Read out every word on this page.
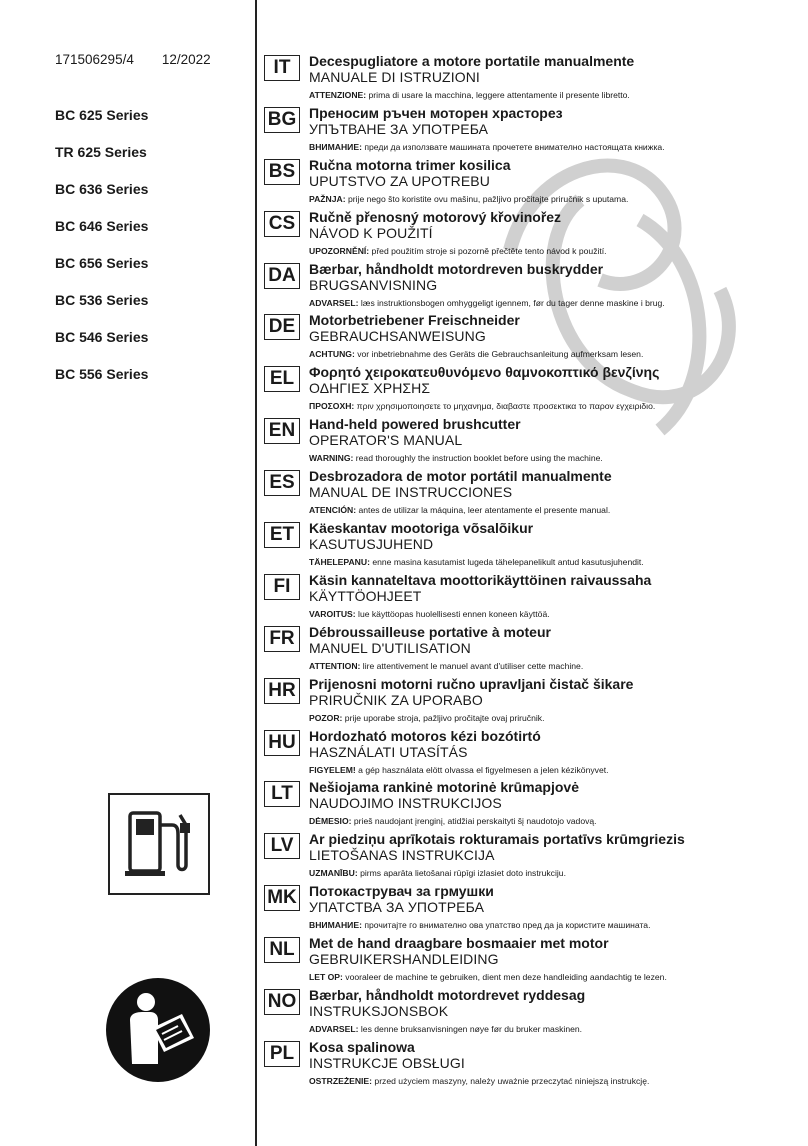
171506295/4 12/2022
BC 625 Series
TR 625 Series
BC 636 Series
BC 646 Series
BC 656 Series
BC 536 Series
BC 546 Series
BC 556 Series
IT	Decespugliatore a motore portatile manualmente
MANUALE DI ISTRUZIONI
ATTENZIONE: prima di usare la macchina, leggere attentamente il presente libretto.
BG Преносим ръчен моторен храсторез
УПЪТВАНЕ ЗА УПОТРЕБА
ВНИМАНИЕ: преди да използвате машината прочетете внимателно настоящата книжка.
BS Ručna motorna trimer kosilica
UPUTSTVO ZA UPOTREBU
PAŽNJA: prije nego što koristite ovu mašinu, pažljivo pročitajte priručnik s uputama.
CS Ručně přenosný motorový křovinořez
NÁVOD K POUŽITÍ
UPOZORNĚNÍ: před použitím stroje si pozorně přečtěte tento návod k použití.
DA Bærbar, håndholdt motordreven buskrydder
BRUGSANVISNING
ADVARSEL: læs instruktionsbogen omhyggeligt igennem, før du tager denne maskine i brug.
DE Motorbetriebener Freischneider
GEBRAUCHSANWEISUNG
ACHTUNG: vor inbetriebnahme des Geräts die Gebrauchsanleitung aufmerksam lesen.
EL	Φορητό χειροκατευθυνόμενο θαμνοκοπτικό βενζίνης
ΟΔΗΓΙΕΣ ΧΡΗΣΗΣ
ΠΡΟΣΟΧΗ: πριν χρησιμοποιησετε το μηχανημα, διαβαστε προσεκτικα το παρον εγχειριδιο.
EN Hand-held powered brushcutter
OPERATOR'S MANUAL
WARNING: read thoroughly the instruction booklet before using the machine.
ES	Desbrozadora de motor portátil manualmente
MANUAL DE INSTRUCCIONES
ATENCIÓN: antes de utilizar la máquina, leer atentamente el presente manual.
ET	Käeskantav mootoriga võsalõikur
KASUTUSJUHEND
TÄHELEPANU: enne masina kasutamist lugeda tähelepanelikult antud kasutusjuhendit.
FI	Käsin kannateltava moottorikäyttöinen raivaussaha
KÄYTTÖOHJEET
VAROITUS: lue käyttöopas huolellisesti ennen koneen käyttöä.
FR	Débroussailleuse portative à moteur
MANUEL D'UTILISATION
ATTENTION: lire attentivement le manuel avant d'utiliser cette machine.
HR Prijenosni motorni ručno upravljani čistač šikare
PRIRUČNIK ZA UPORABO
POZOR: prije uporabe stroja, pažljivo pročitajte ovaj priručnik.
HU Hordozható motoros kézi bozótirtó
HASZNÁLATI UTASÍTÁS
FIGYELEM! a gép használata elött olvassa el figyelmesen a jelen kézikönyvet.
LT	Nešiojama rankinė motorinė krūmapjovė
NAUDOJIMO INSTRUKCIJOS
DĖMESIO: prieš naudojant įrenginį, atidžiai perskaityti šį naudotojo vadovą.
LV	Ar piedziņu aprīkotais rokturamais portatīvs krūmgriezis
LIETOŠANAS INSTRUKCIJA
UZMANĪBU: pirms aparāta lietošanai rūpīgi izlasiet doto instrukciju.
MK Потокаструвач за грмушки
УПАТСТВА ЗА УПОТРЕБА
ВНИМАНИЕ: прочитајте го внимателно ова упатство пред да ја користите машината.
NL	Met de hand draagbare bosmaaier met motor
GEBRUIKERSHANDLEIDING
LET OP: vooraleer de machine te gebruiken, dient men deze handleiding aandachtig te lezen.
NO Bærbar, håndholdt motordrevet ryddesag
INSTRUKSJONSBOK
ADVARSEL: les denne bruksanvisningen nøye før du bruker maskinen.
PL	Kosa spalinowa
INSTRUKCJE OBSŁUGI
OSTRZEŻENIE: przed użyciem maszyny, należy uważnie przeczytać niniejszą instrukcję.
